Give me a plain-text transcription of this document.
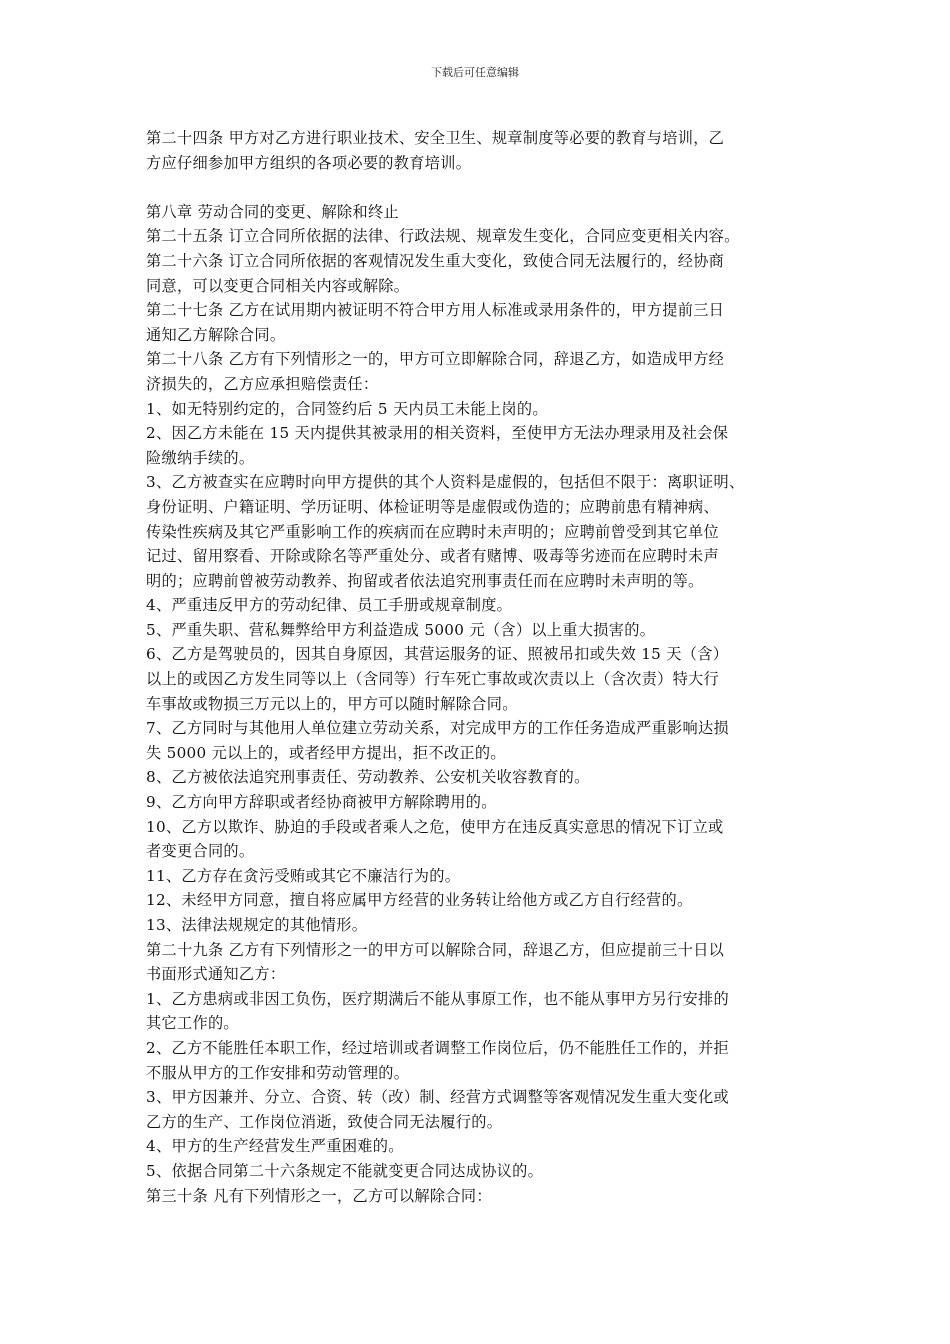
下载后可任意编辑
第二十四条 甲方对乙方进行职业技术、安全卫生、规章制度等必要的教育与培训，乙
方应仔细参加甲方组织的各项必要的教育培训。
第八章 劳动合同的变更、解除和终止
第二十五条 订立合同所依据的法律、行政法规、规章发生变化，合同应变更相关内容。
第二十六条 订立合同所依据的客观情况发生重大变化，致使合同无法履行的，经协商
同意，可以变更合同相关内容或解除。
第二十七条 乙方在试用期内被证明不符合甲方用人标准或录用条件的，甲方提前三日
通知乙方解除合同。
第二十八条 乙方有下列情形之一的，甲方可立即解除合同，辞退乙方，如造成甲方经
济损失的，乙方应承担赔偿责任：
1、如无特别约定的，合同签约后 5 天内员工未能上岗的。
2、因乙方未能在 15 天内提供其被录用的相关资料，至使甲方无法办理录用及社会保
险缴纳手续的。
3、乙方被查实在应聘时向甲方提供的其个人资料是虚假的，包括但不限于：离职证明、
身份证明、户籍证明、学历证明、体检证明等是虚假或伪造的；应聘前患有精神病、
传染性疾病及其它严重影响工作的疾病而在应聘时未声明的；应聘前曾受到其它单位
记过、留用察看、开除或除名等严重处分、或者有赌博、吸毒等劣迹而在应聘时未声
明的；应聘前曾被劳动教养、拘留或者依法追究刑事责任而在应聘时未声明的等。
4、严重违反甲方的劳动纪律、员工手册或规章制度。
5、严重失职、营私舞弊给甲方利益造成 5000 元（含）以上重大损害的。
6、乙方是驾驶员的，因其自身原因，其营运服务的证、照被吊扣或失效 15 天（含）
以上的或因乙方发生同等以上（含同等）行车死亡事故或次责以上（含次责）特大行
车事故或物损三万元以上的，甲方可以随时解除合同。
7、乙方同时与其他用人单位建立劳动关系，对完成甲方的工作任务造成严重影响达损
失 5000 元以上的，或者经甲方提出，拒不改正的。
8、乙方被依法追究刑事责任、劳动教养、公安机关收容教育的。
9、乙方向甲方辞职或者经协商被甲方解除聘用的。
10、乙方以欺诈、胁迫的手段或者乘人之危，使甲方在违反真实意思的情况下订立或
者变更合同的。
11、乙方存在贪污受贿或其它不廉洁行为的。
12、未经甲方同意，擅自将应属甲方经营的业务转让给他方或乙方自行经营的。
13、法律法规规定的其他情形。
第二十九条 乙方有下列情形之一的甲方可以解除合同，辞退乙方，但应提前三十日以
书面形式通知乙方：
1、乙方患病或非因工负伤，医疗期满后不能从事原工作，也不能从事甲方另行安排的
其它工作的。
2、乙方不能胜任本职工作，经过培训或者调整工作岗位后，仍不能胜任工作的，并拒
不服从甲方的工作安排和劳动管理的。
3、甲方因兼并、分立、合资、转（改）制、经营方式调整等客观情况发生重大变化或
乙方的生产、工作岗位消逝，致使合同无法履行的。
4、甲方的生产经营发生严重困难的。
5、依据合同第二十六条规定不能就变更合同达成协议的。
第三十条 凡有下列情形之一，乙方可以解除合同：
